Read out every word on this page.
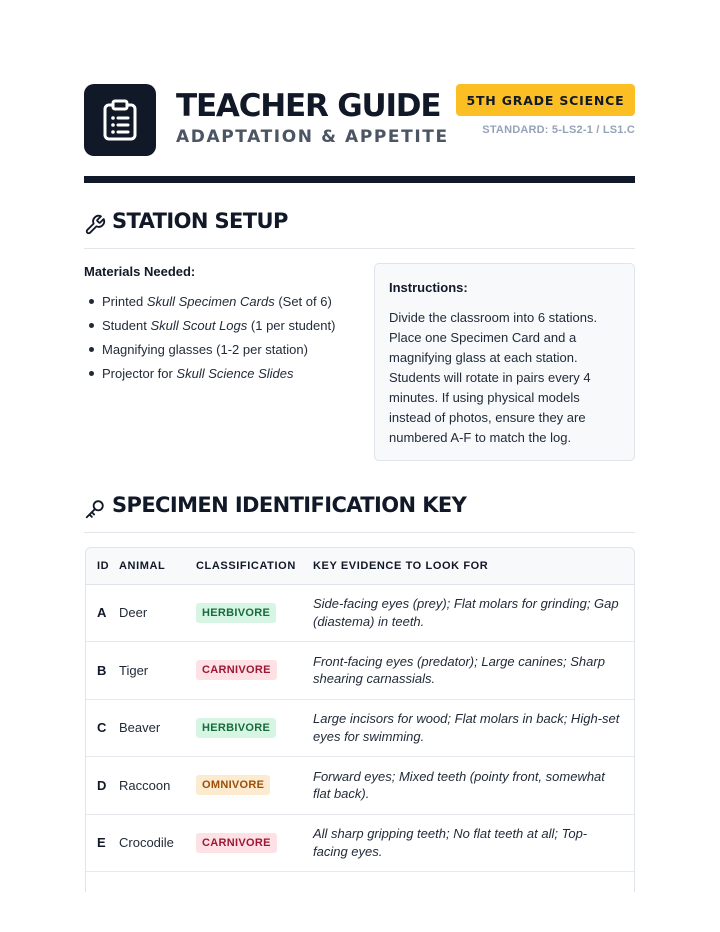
TEACHER GUIDE
ADAPTATION & APPETITE
5TH GRADE SCIENCE
STANDARD: 5-LS2-1 / LS1.C
STATION SETUP
Materials Needed:
Printed Skull Specimen Cards (Set of 6)
Student Skull Scout Logs (1 per student)
Magnifying glasses (1-2 per station)
Projector for Skull Science Slides
Instructions:

Divide the classroom into 6 stations. Place one Specimen Card and a magnifying glass at each station. Students will rotate in pairs every 4 minutes. If using physical models instead of photos, ensure they are numbered A-F to match the log.

SPECIMEN IDENTIFICATION KEY
ID	ANIMAL	CLASSIFICATION	KEY EVIDENCE TO LOOK FOR
A	Deer	HERBIVORE	Side-facing eyes (prey); Flat molars for grinding; Gap (diastema) in teeth.
B	Tiger	CARNIVORE	Front-facing eyes (predator); Large canines; Sharp shearing carnassials.
C	Beaver	HERBIVORE	Large incisors for wood; Flat molars in back; High-set eyes for swimming.
D	Raccoon	OMNIVORE	Forward eyes; Mixed teeth (pointy front, somewhat flat back).
E	Crocodile	CARNIVORE	All sharp gripping teeth; No flat teeth at all; Top-facing eyes.
